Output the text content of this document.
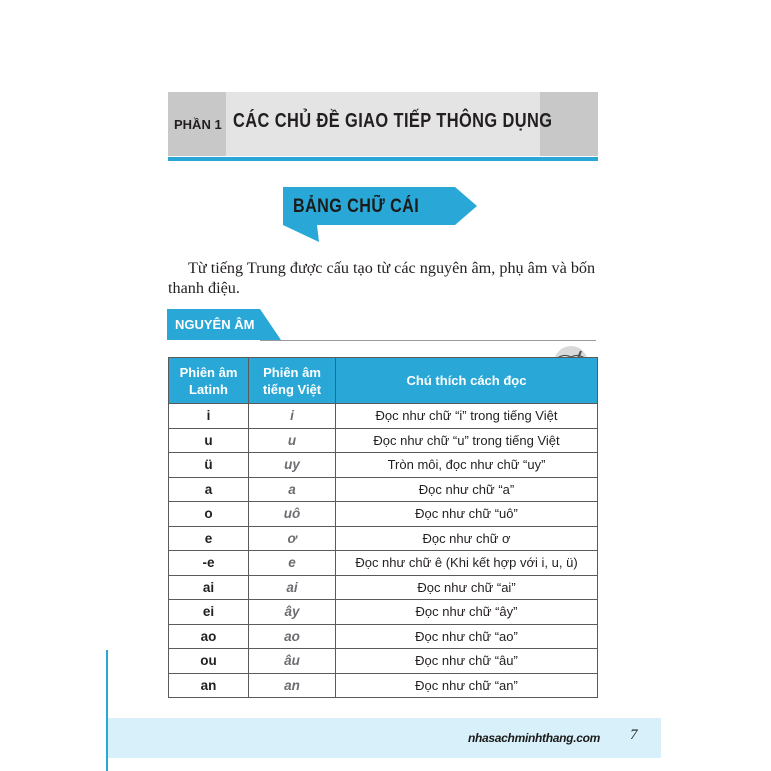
PHẦN 1 CÁC CHỦ ĐỀ GIAO TIẾP THÔNG DỤNG
BẢNG CHỮ CÁI

Từ tiếng Trung được cấu tạo từ các nguyên âm, phụ âm và bốn thanh điệu.

NGUYÊN ÂM
Phiên âm Latinh	Phiên âm tiếng Việt	Chú thích cách đọc
i	i	Đọc như chữ “i” trong tiếng Việt
u	u	Đọc như chữ “u” trong tiếng Việt
ü	uy	Tròn môi, đọc như chữ “uy”
a	a	Đọc như chữ “a”
o	uô	Đọc như chữ “uô”
e	ơ	Đọc như chữ ơ
-e	e	Đọc như chữ ê (Khi kết hợp với i, u, ü)
ai	ai	Đọc như chữ “ai”
ei	ây	Đọc như chữ “ây”
ao	ao	Đọc như chữ “ao”
ou	âu	Đọc như chữ “âu”
an	an	Đọc như chữ “an”
nhasachminhthang.com 7
